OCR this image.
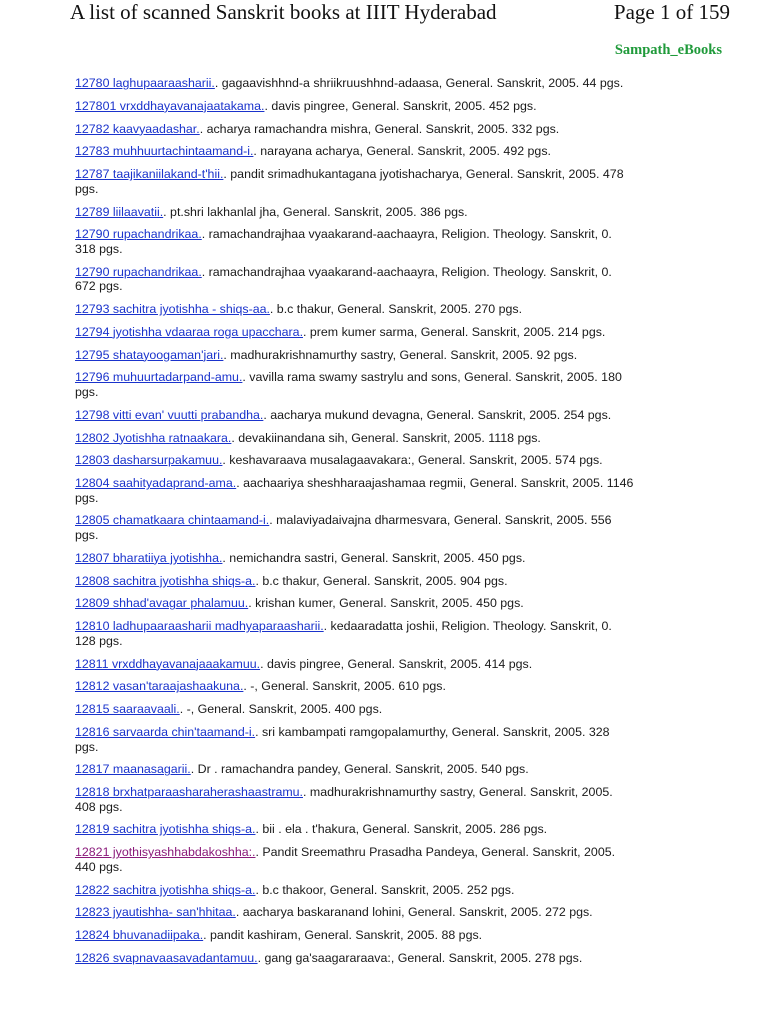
A list of scanned Sanskrit books at IIIT Hyderabad	Page 1 of 159
Sampath_eBooks
12780 laghupaaraasharii.. gagaavishhnd-a shriikruushhnd-adaasa, General. Sanskrit, 2005. 44 pgs.
127801 vrxddhayavanajaatakama.. davis pingree, General. Sanskrit, 2005. 452 pgs.
12782 kaavyaadashar.. acharya ramachandra mishra, General. Sanskrit, 2005. 332 pgs.
12783 muhhuurtachintaamand-i.. narayana acharya, General. Sanskrit, 2005. 492 pgs.
12787 taajikaniilakand-t'hii.. pandit srimadhukantagana jyotishacharya, General. Sanskrit, 2005. 478 pgs.
12789 liilaavatii.. pt.shri lakhanlal jha, General. Sanskrit, 2005. 386 pgs.
12790 rupachandrikaa.. ramachandrajhaa vyaakarand-aachaayra, Religion. Theology. Sanskrit, 0. 318 pgs.
12790 rupachandrikaa.. ramachandrajhaa vyaakarand-aachaayra, Religion. Theology. Sanskrit, 0. 672 pgs.
12793 sachitra jyotishha - shiqs-aa.. b.c thakur, General. Sanskrit, 2005. 270 pgs.
12794 jyotishha vdaaraa roga upacchara.. prem kumer sarma, General. Sanskrit, 2005. 214 pgs.
12795 shatayoogaman'jari.. madhurakrishnamurthy sastry, General. Sanskrit, 2005. 92 pgs.
12796 muhuurtadarpand-amu.. vavilla rama swamy sastrylu and sons, General. Sanskrit, 2005. 180 pgs.
12798 vitti evan' vuutti prabandha.. aacharya mukund devagna, General. Sanskrit, 2005. 254 pgs.
12802 Jyotishha ratnaakara.. devakiinandana sih, General. Sanskrit, 2005. 1118 pgs.
12803 dasharsurpakamuu.. keshavaraava musalagaavakara:, General. Sanskrit, 2005. 574 pgs.
12804 saahityadaprand-ama.. aachaariya sheshharaajashamaa regmii, General. Sanskrit, 2005. 1146 pgs.
12805 chamatkaara chintaamand-i.. malaviyadaivajna dharmesvara, General. Sanskrit, 2005. 556 pgs.
12807 bharatiiya jyotishha.. nemichandra sastri, General. Sanskrit, 2005. 450 pgs.
12808 sachitra jyotishha shiqs-a.. b.c thakur, General. Sanskrit, 2005. 904 pgs.
12809 shhad'avagar phalamuu.. krishan kumer, General. Sanskrit, 2005. 450 pgs.
12810 ladhupaaraasharii madhyaparaasharii.. kedaaradatta joshii, Religion. Theology. Sanskrit, 0. 128 pgs.
12811 vrxddhayavanajaaakamuu.. davis pingree, General. Sanskrit, 2005. 414 pgs.
12812 vasan'taraajashaakuna.. -, General. Sanskrit, 2005. 610 pgs.
12815 saaraavaali.. -, General. Sanskrit, 2005. 400 pgs.
12816 sarvaarda chin'taamand-i.. sri kambampati ramgopalamurthy, General. Sanskrit, 2005. 328 pgs.
12817 maanasagarii.. Dr . ramachandra pandey, General. Sanskrit, 2005. 540 pgs.
12818 brxhatparaasharaherashaastramu.. madhurakrishnamurthy sastry, General. Sanskrit, 2005. 408 pgs.
12819 sachitra jyotishha shiqs-a.. bii . ela . t'hakura, General. Sanskrit, 2005. 286 pgs.
12821 jyothisyashhabdakoshha:.. Pandit Sreemathru Prasadha Pandeya, General. Sanskrit, 2005. 440 pgs.
12822 sachitra jyotishha shiqs-a.. b.c thakoor, General. Sanskrit, 2005. 252 pgs.
12823 jyautishha- san'hhitaa.. aacharya baskaranand lohini, General. Sanskrit, 2005. 272 pgs.
12824 bhuvanadiipaka.. pandit kashiram, General. Sanskrit, 2005. 88 pgs.
12826 svapnavaasavadantamuu.. gang ga'saagararaava:, General. Sanskrit, 2005. 278 pgs.
